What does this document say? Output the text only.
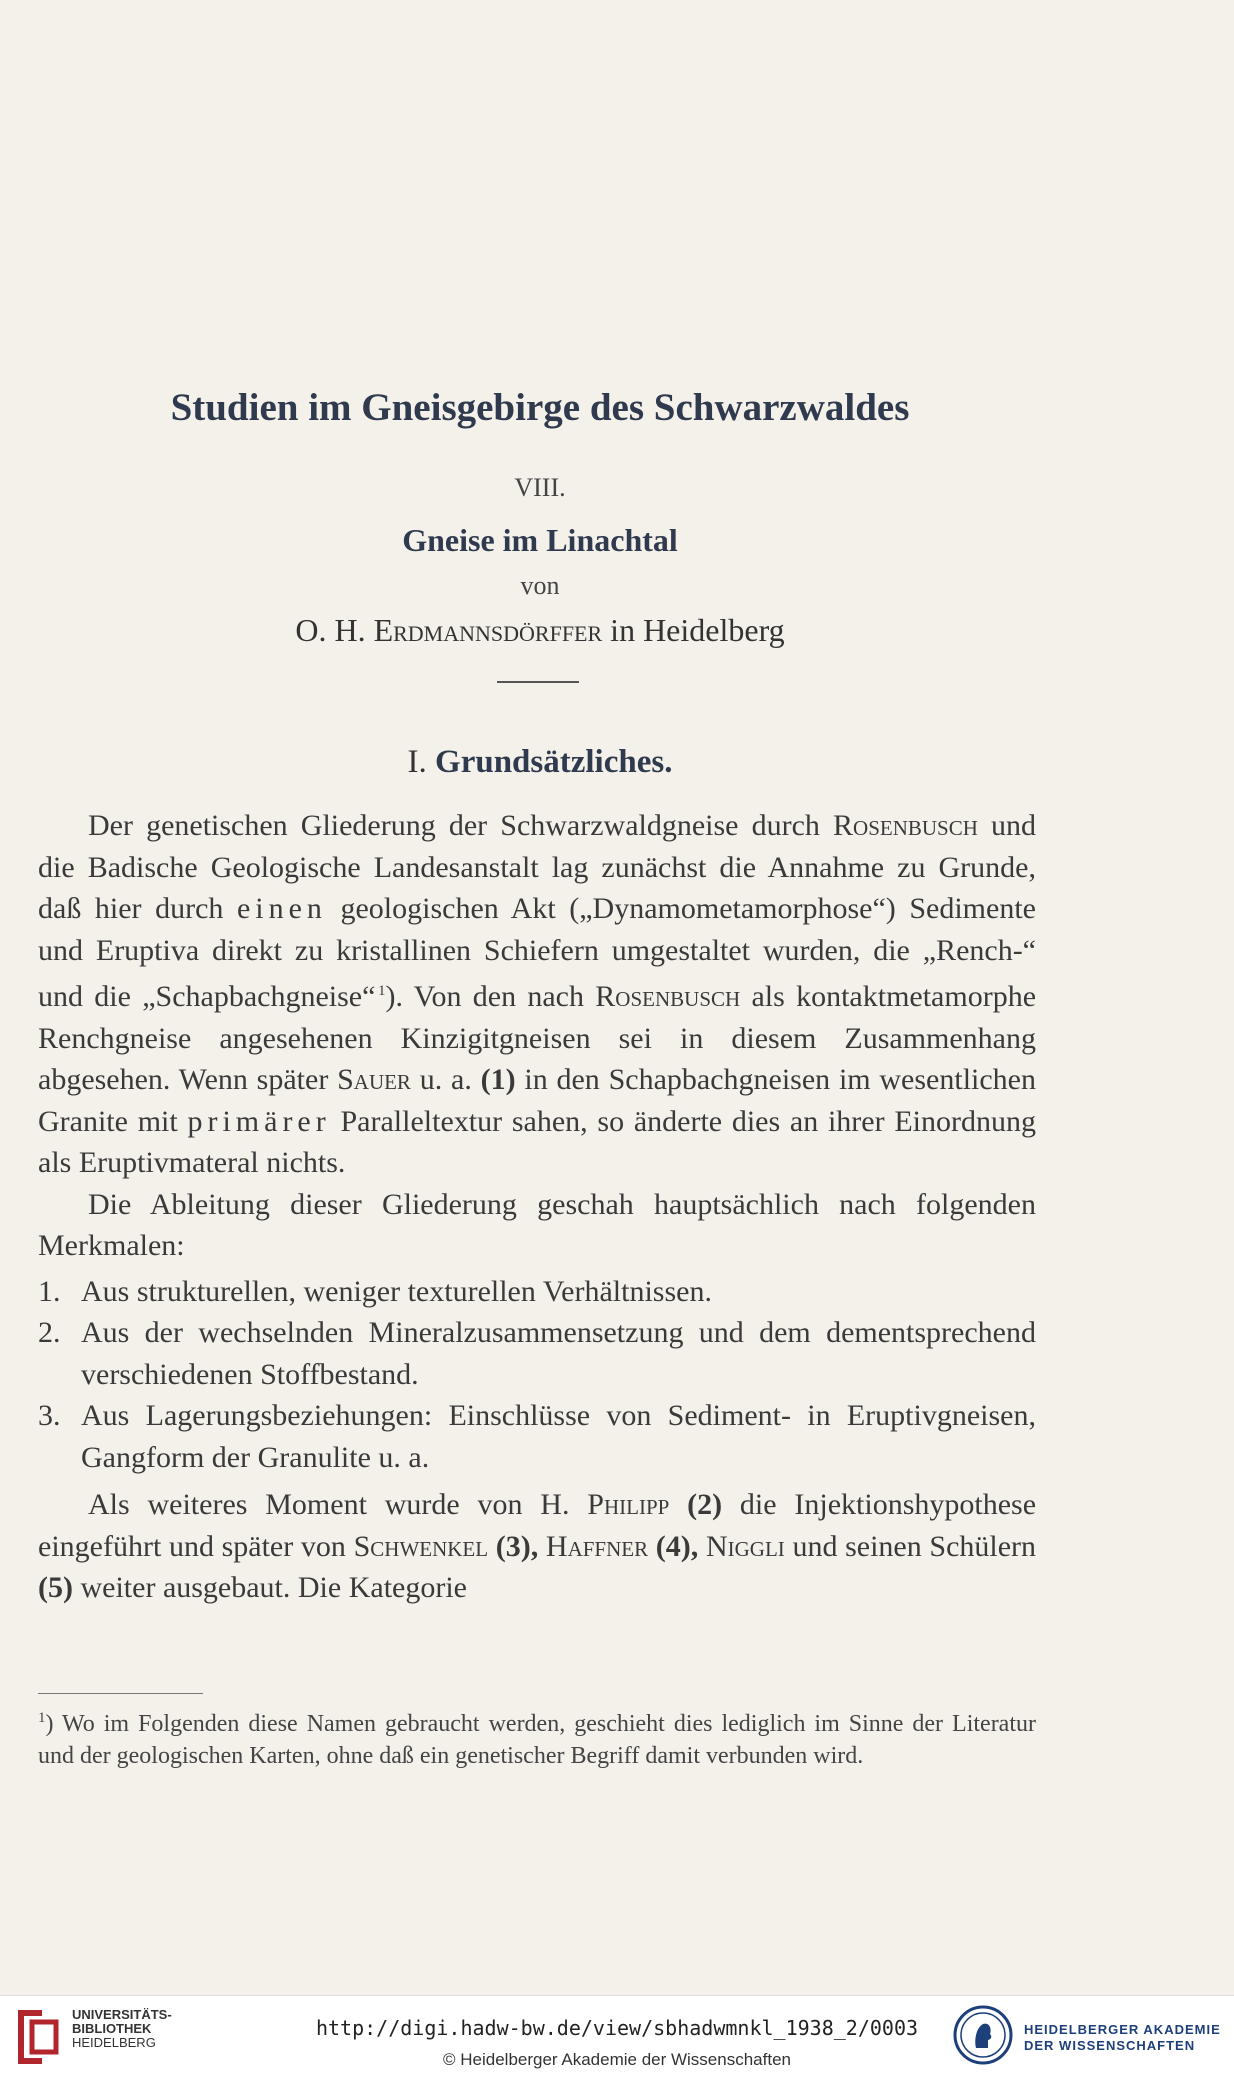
Studien im Gneisgebirge des Schwarzwaldes
VIII.
Gneise im Linachtal
von
O. H. Erdmannsdörffer in Heidelberg
I. Grundsätzliches.

Der genetischen Gliederung der Schwarzwaldgneise durch Rosenbusch und die Badische Geologische Landesanstalt lag zunächst die Annahme zu Grunde, daß hier durch einen geologischen Akt („Dynamometamorphose“) Sedimente und Eruptiva direkt zu kristallinen Schiefern umgestaltet wurden, die „Rench-“ und die „Schapbachgneise“  $^1$). Von den nach Rosenbusch als kontaktmetamorphe Renchgneise angesehenen Kinzigitgneisen sei in diesem Zusammenhang abgesehen. Wenn später Sauer u. a. (1) in den Schapbachgneisen im wesentlichen Granite mit primärer Paralleltextur sahen, so änderte dies an ihrer Einordnung als Eruptivmateral nichts.

Die Ableitung dieser Gliederung geschah hauptsächlich nach folgenden Merkmalen:

1. Aus strukturellen, weniger texturellen Verhältnissen.
2. Aus der wechselnden Mineralzusammensetzung und dem dementsprechend verschiedenen Stoffbestand.
3. Aus Lagerungsbeziehungen: Einschlüsse von Sediment- in Eruptivgneisen, Gangform der Granulite u. a.

Als weiteres Moment wurde von H. Philipp (2) die Injektionshypothese eingeführt und später von Schwenkel (3), Haffner (4), Niggli und seinen Schülern (5) weiter ausgebaut. Die Kategorie

$^1$) Wo im Folgenden diese Namen gebraucht werden, geschieht dies lediglich im Sinne der Literatur und der geologischen Karten, ohne daß ein genetischer Begriff damit verbunden wird.
UNIVERSITÄTS-
BIBLIOTHEK
HEIDELBERG
http://digi.hadw-bw.de/view/sbhadwmnkl_1938_2/0003
© Heidelberger Akademie der Wissenschaften
HEIDELBERGER AKADEMIE
DER WISSENSCHAFTEN
